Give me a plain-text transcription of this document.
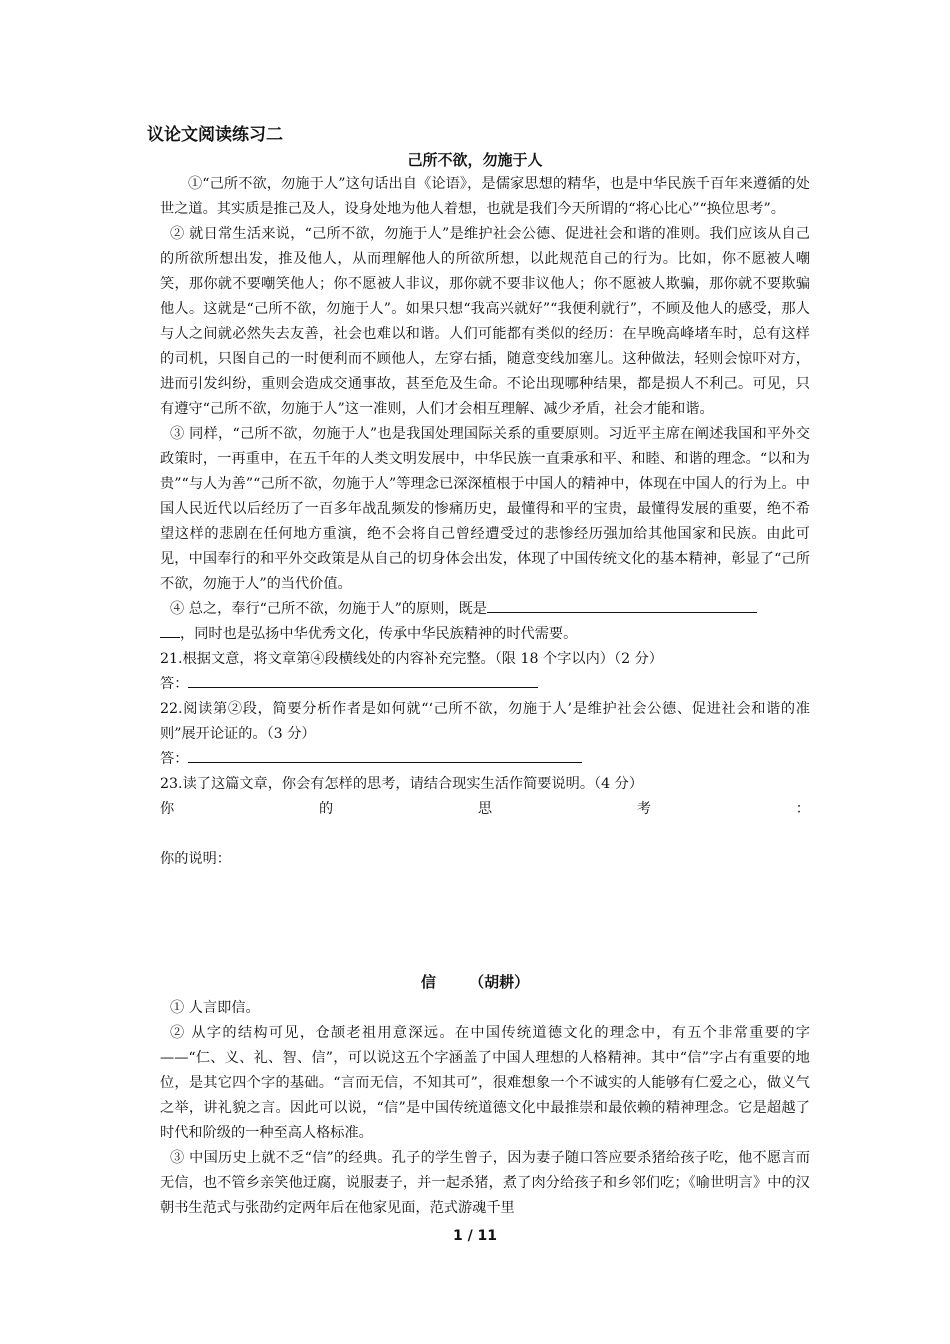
议论文阅读练习二
己所不欲，勿施于人

①“己所不欲，勿施于人”这句话出自《论语》，是儒家思想的精华，也是中华民族千百年来遵循的处世之道。其实质是推己及人，设身处地为他人着想，也就是我们今天所谓的“将心比心”“换位思考”。

② 就日常生活来说，“己所不欲，勿施于人”是维护社会公德、促进社会和谐的准则。我们应该从自己的所欲所想出发，推及他人，从而理解他人的所欲所想，以此规范自己的行为。比如，你不愿被人嘲笑，那你就不要嘲笑他人；你不愿被人非议，那你就不要非议他人；你不愿被人欺骗，那你就不要欺骗他人。这就是“己所不欲，勿施于人”。如果只想“我高兴就好”“我便利就行”，不顾及他人的感受，那人与人之间就必然失去友善，社会也难以和谐。人们可能都有类似的经历：在早晚高峰堵车时，总有这样的司机，只图自己的一时便利而不顾他人，左穿右插，随意变线加塞儿。这种做法，轻则会惊吓对方，进而引发纠纷，重则会造成交通事故，甚至危及生命。不论出现哪种结果，都是损人不利己。可见，只有遵守“己所不欲，勿施于人”这一准则，人们才会相互理解、减少矛盾，社会才能和谐。

③ 同样，“己所不欲，勿施于人”也是我国处理国际关系的重要原则。习近平主席在阐述我国和平外交政策时，一再重申，在五千年的人类文明发展中，中华民族一直秉承和平、和睦、和谐的理念。“以和为贵”“与人为善”“己所不欲，勿施于人”等理念已深深植根于中国人的精神中，体现在中国人的行为上。中国人民近代以后经历了一百多年战乱频发的惨痛历史，最懂得和平的宝贵，最懂得发展的重要，绝不希望这样的悲剧在任何地方重演，绝不会将自己曾经遭受过的悲惨经历强加给其他国家和民族。由此可见，中国奉行的和平外交政策是从自己的切身体会出发，体现了中国传统文化的基本精神，彰显了“己所不欲，勿施于人”的当代价值。

④ 总之，奉行“己所不欲，勿施于人”的原则，既是
，同时也是弘扬中华优秀文化，传承中华民族精神的时代需要。

21.根据文意，将文章第④段横线处的内容补充完整。（限 18 个字以内）（2 分）

答：

22.阅读第②段，简要分析作者是如何就“‘己所不欲，勿施于人’是维护社会公德、促进社会和谐的准则”展开论证的。（3 分）

答：

23.读了这篇文章，你会有怎样的思考，请结合现实生活作简要说明。（4 分）

你	的	思	考	：

你的说明：

信 （胡耕）

① 人言即信。

② 从字的结构可见，仓颉老祖用意深远。在中国传统道德文化的理念中，有五个非常重要的字——“仁、义、礼、智、信”，可以说这五个字涵盖了中国人理想的人格精神。其中“信”字占有重要的地位，是其它四个字的基础。“言而无信，不知其可”，很难想象一个不诚实的人能够有仁爱之心，做义气之举，讲礼貌之言。因此可以说，“信”是中国传统道德文化中最推崇和最依赖的精神理念。它是超越了时代和阶级的一种至高人格标准。

③ 中国历史上就不乏“信”的经典。孔子的学生曾子，因为妻子随口答应要杀猪给孩子吃，他不愿言而无信，也不管乡亲笑他迂腐，说服妻子，并一起杀猪，煮了肉分给孩子和乡邻们吃；《喻世明言》中的汉朝书生范式与张劭约定两年后在他家见面，范式游魂千里

1 / 11
